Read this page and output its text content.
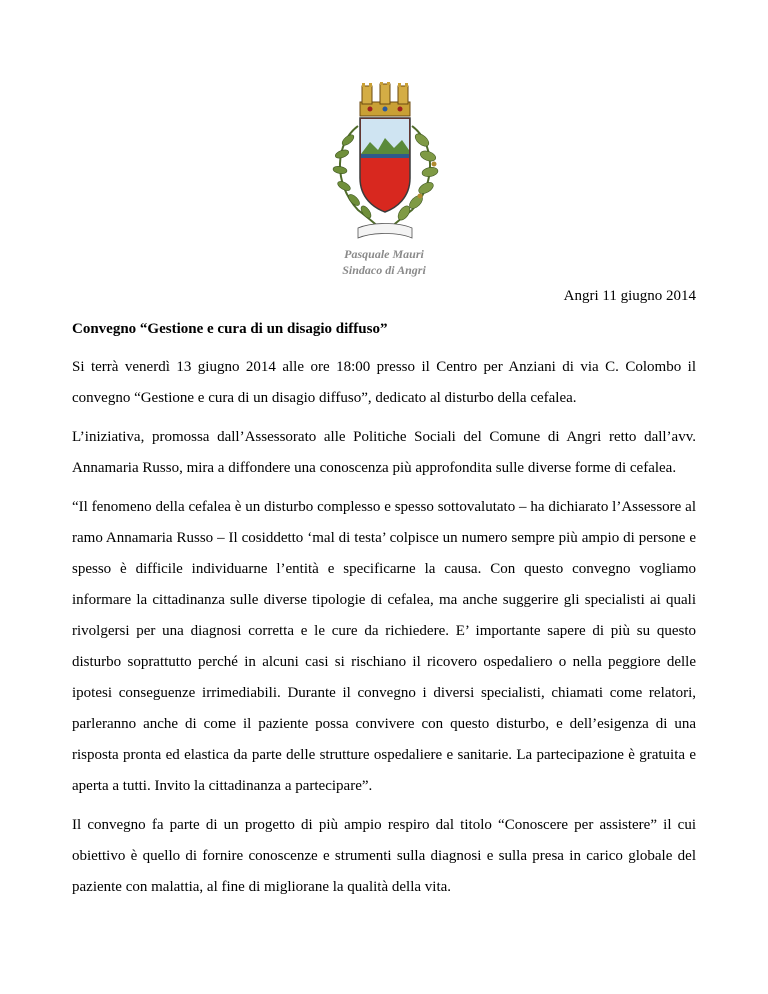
Pasquale Mauri
Sindaco di Angri
Angri 11 giugno 2014
Convegno “Gestione e cura di un disagio diffuso”

Si terrà venerdì 13 giugno 2014 alle ore 18:00 presso il Centro per Anziani di via C. Colombo il convegno “Gestione e cura di un disagio diffuso”, dedicato al disturbo della cefalea.

L’iniziativa, promossa dall’Assessorato alle Politiche Sociali del Comune di Angri retto dall’avv. Annamaria Russo, mira a diffondere una conoscenza più approfondita sulle diverse forme di cefalea.

“Il fenomeno della cefalea è un disturbo complesso e spesso sottovalutato – ha dichiarato l’Assessore al ramo Annamaria Russo – Il cosiddetto ‘mal di testa’ colpisce un numero sempre più ampio di persone e spesso è difficile individuarne l’entità e specificarne la causa. Con questo convegno vogliamo informare la cittadinanza sulle diverse tipologie di cefalea, ma anche suggerire gli specialisti ai quali rivolgersi per una diagnosi corretta e le cure da richiedere. E’ importante sapere di più su questo disturbo soprattutto perché in alcuni casi si rischiano il ricovero ospedaliero o nella peggiore delle ipotesi conseguenze irrimediabili. Durante il convegno i diversi specialisti, chiamati come relatori, parleranno anche di come il paziente possa convivere con questo disturbo, e dell’esigenza di una risposta pronta ed elastica da parte delle strutture ospedaliere e sanitarie. La partecipazione è gratuita e aperta a tutti. Invito la cittadinanza a partecipare”.

Il convegno fa parte di un progetto di più ampio respiro dal titolo “Conoscere per assistere” il cui obiettivo è quello di fornire conoscenze e strumenti sulla diagnosi e sulla presa in carico globale del paziente con malattia, al fine di migliorane la qualità della vita.
